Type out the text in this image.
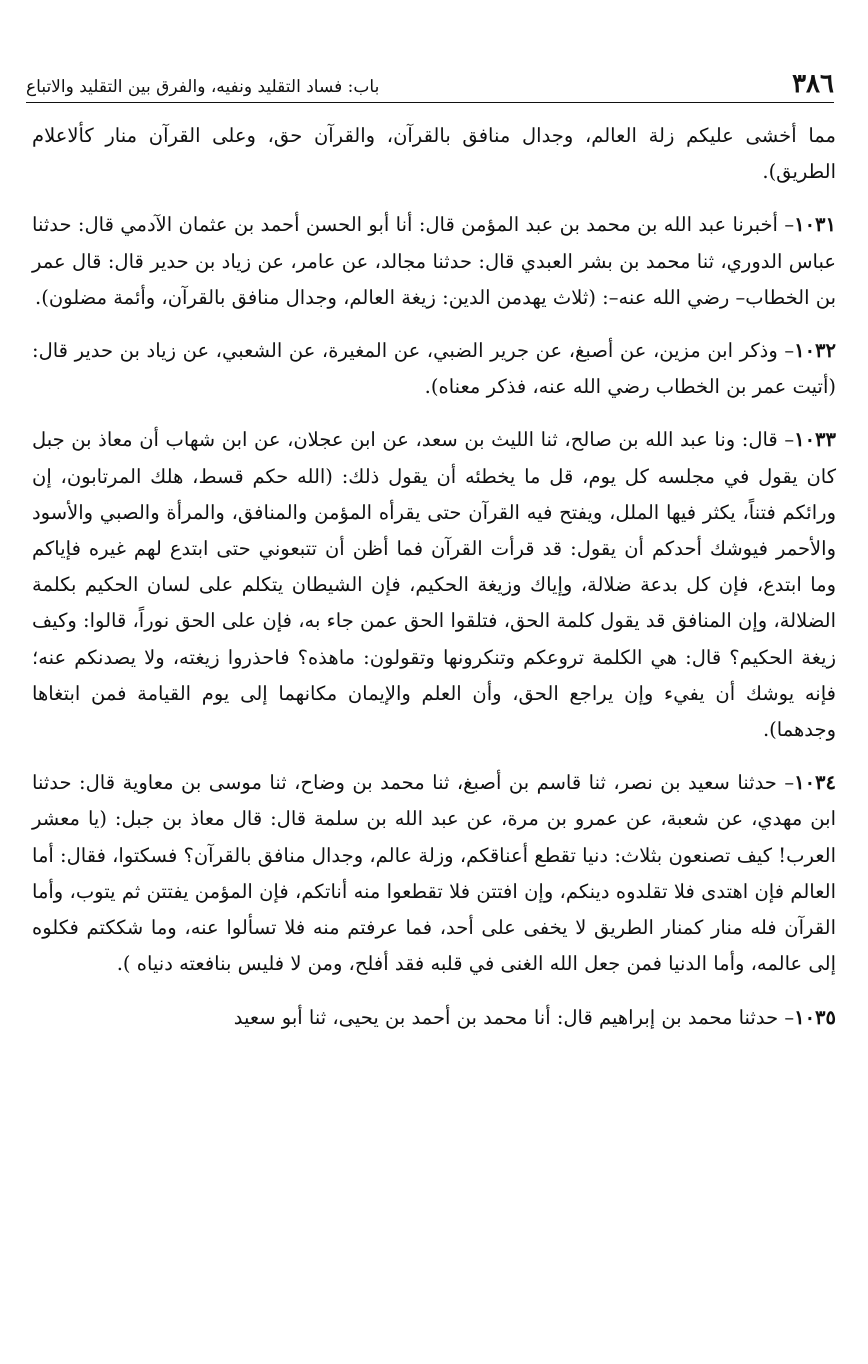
٣٨٦
باب: فساد التقليد ونفيه، والفرق بين التقليد والاتباع

مما أخشى عليكم زلة العالم، وجدال منافق بالقرآن، والقرآن حق، وعلى القرآن منار كألاعلام الطريق).

١٠٣١– أخبرنا عبد الله بن محمد بن عبد المؤمن قال: أنا أبو الحسن أحمد بن عثمان الآدمي قال: حدثنا عباس الدوري، ثنا محمد بن بشر العبدي قال: حدثنا مجالد، عن عامر، عن زياد بن حدير قال: قال عمر بن الخطاب– رضي الله عنه–: (ثلاث يهدمن الدين: زيغة العالم، وجدال منافق بالقرآن، وأئمة مضلون).

١٠٣٢– وذكر ابن مزين، عن أصبغ، عن جرير الضبي، عن المغيرة، عن الشعبي، عن زياد بن حدير قال: (أتيت عمر بن الخطاب رضي الله عنه، فذكر معناه).

١٠٣٣– قال: ونا عبد الله بن صالح، ثنا الليث بن سعد، عن ابن عجلان، عن ابن شهاب أن معاذ بن جبل كان يقول في مجلسه كل يوم، قل ما يخطئه أن يقول ذلك: (الله حكم قسط، هلك المرتابون، إن ورائكم فتناً، يكثر فيها الملل، ويفتح فيه القرآن حتى يقرأه المؤمن والمنافق، والمرأة والصبي والأسود والأحمر فيوشك أحدكم أن يقول: قد قرأت القرآن فما أظن أن تتبعوني حتى ابتدع لهم غيره فإياكم وما ابتدع، فإن كل بدعة ضلالة، وإياك وزيغة الحكيم، فإن الشيطان يتكلم على لسان الحكيم بكلمة الضلالة، وإن المنافق قد يقول كلمة الحق، فتلقوا الحق عمن جاء به، فإن على الحق نوراً، قالوا: وكيف زيغة الحكيم؟ قال: هي الكلمة تروعكم وتنكرونها وتقولون: ماهذه؟ فاحذروا زيغته، ولا يصدنكم عنه؛ فإنه يوشك أن يفيء وإن يراجع الحق، وأن العلم والإيمان مكانهما إلى يوم القيامة فمن ابتغاها وجدهما).

١٠٣٤– حدثنا سعيد بن نصر، ثنا قاسم بن أصبغ، ثنا محمد بن وضاح، ثنا موسى بن معاوية قال: حدثنا ابن مهدي، عن شعبة، عن عمرو بن مرة، عن عبد الله بن سلمة قال: قال معاذ بن جبل: (يا معشر العرب! كيف تصنعون بثلاث: دنيا تقطع أعناقكم، وزلة عالم، وجدال منافق بالقرآن؟ فسكتوا، فقال: أما العالم فإن اهتدى فلا تقلدوه دينكم، وإن افتتن فلا تقطعوا منه أناتكم، فإن المؤمن يفتتن ثم يتوب، وأما القرآن فله منار كمنار الطريق لا يخفى على أحد، فما عرفتم منه فلا تسألوا عنه، وما شككتم فكلوه إلى عالمه، وأما الدنيا فمن جعل الله الغنى في قلبه فقد أفلح، ومن لا فليس بنافعته دنياه ).

١٠٣٥– حدثنا محمد بن إبراهيم قال: أنا محمد بن أحمد بن يحيى، ثنا أبو سعيد
